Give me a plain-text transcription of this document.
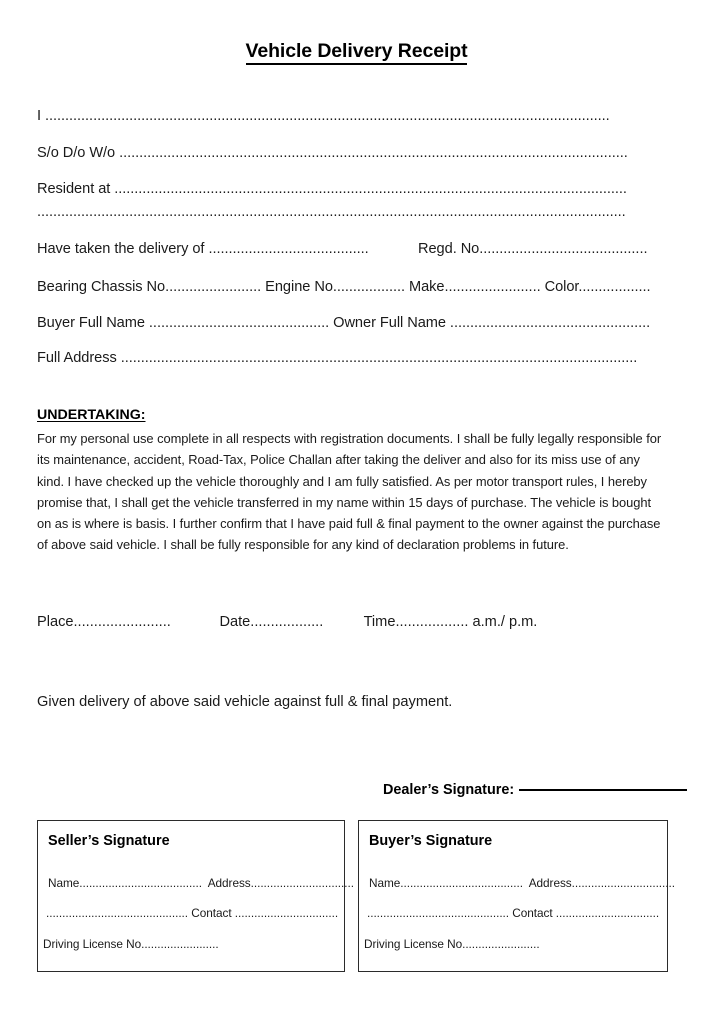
Vehicle Delivery Receipt
I .............................................................................................................................................
S/o D/o W/o ...............................................................................................................................
Resident at ................................................................................................................................
...................................................................................................................................................
Have taken the delivery of ........................................	Regd. No..........................................
Bearing Chassis No........................ Engine No.................. Make........................ Color..................
Buyer Full Name ............................................. Owner Full Name ..................................................
Full Address .................................................................................................................................
UNDERTAKING:
For my personal use complete in all respects with registration documents. I shall be fully legally responsible for its maintenance, accident, Road-Tax, Police Challan after taking the deliver and also for its miss use of any kind. I have checked up the vehicle thoroughly and I am fully satisfied. As per motor transport rules, I hereby promise that, I shall get the vehicle transferred in my name within 15 days of purchase. The vehicle is bought on as is where is basis. I further confirm that I have paid full & final payment to the owner against the purchase of above said vehicle. I shall be fully responsible for any kind of declaration problems in future.
Place........................            Date..................          Time.................. a.m./ p.m.
Given delivery of above said vehicle against full & final payment.

Dealer’s Signature:

Seller’s Signature
Name......................................  Address................................
............................................ Contact ................................
Driving License No........................
Buyer’s Signature
Name......................................  Address................................
............................................ Contact ................................
Driving License No........................
